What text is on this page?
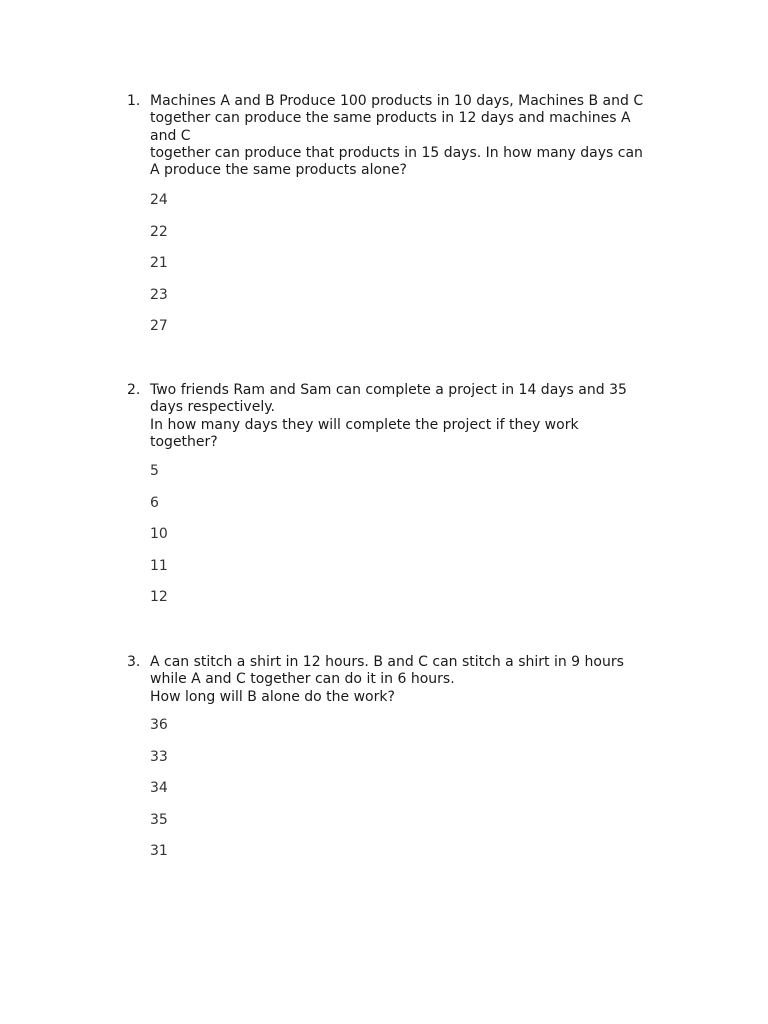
1. Machines A and B Produce 100 products in 10 days, Machines B and C
together can produce the same products in 12 days and machines A
and C
together can produce that products in 15 days. In how many days can
A produce the same products alone?
24
22
21
23
27
2. Two friends Ram and Sam can complete a project in 14 days and 35
days respectively.
In how many days they will complete the project if they work
together?
5
6
10
11
12
3. A can stitch a shirt in 12 hours. B and C can stitch a shirt in 9 hours
while A and C together can do it in 6 hours.
How long will B alone do the work?
36
33
34
35
31
